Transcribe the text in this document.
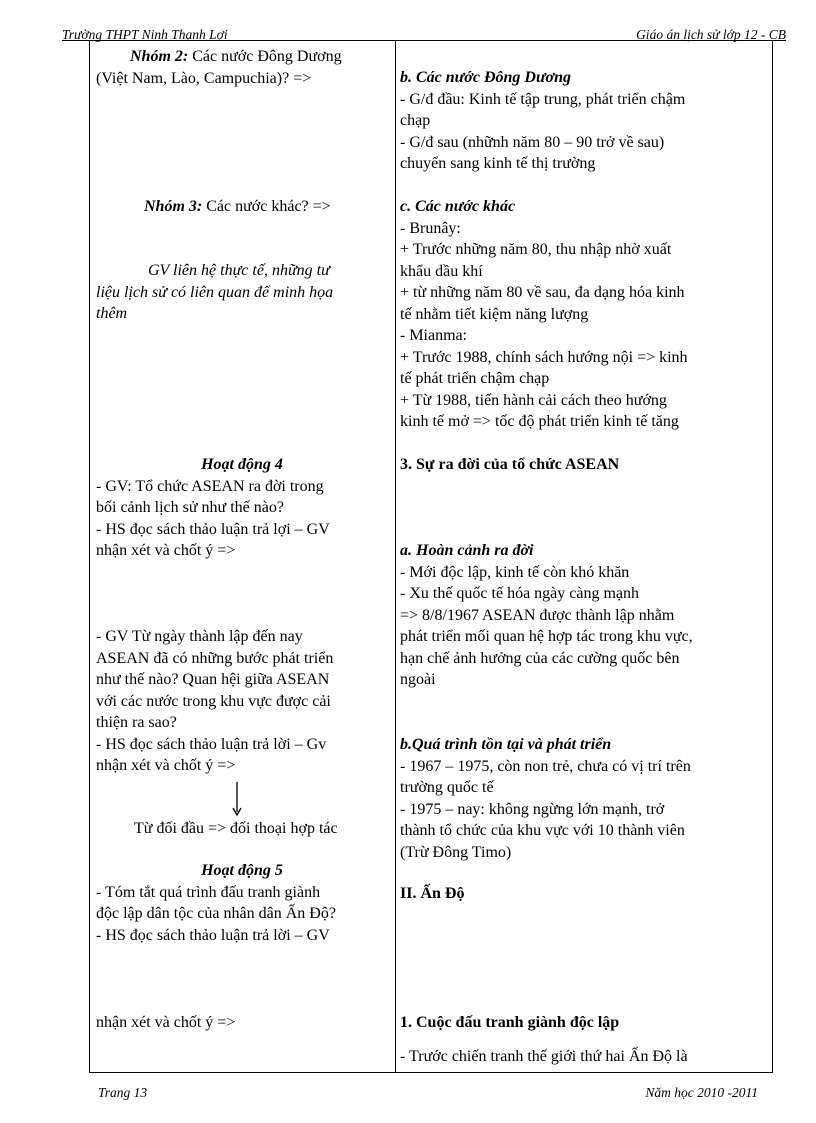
Trường THPT Ninh Thạnh Lợi	Giáo án lịch sử lớp 12 - CB
Nhóm 2: Các nước Đông Dương
(Việt Nam, Lào, Campuchia)? =>
Nhóm 3: Các nước khác? =>
GV liên hệ thực tế, những tư
liệu lịch sử có liên quan để minh họa
thêm
Hoạt động 4
- GV: Tổ chức ASEAN ra đời trong
bối cảnh lịch sử như thế nào?
- HS đọc sách thảo luận trả lợi – GV
nhận xét và chốt ý =>
- GV Từ ngày thành lập đến nay
ASEAN đã có những bước phát triển
như thế nào? Quan hệi giữa ASEAN
với các nước trong khu vực được cải
thiện ra sao?
- HS đọc sách thảo luận trả lời – Gv
nhận xét và chốt ý =>
Từ đối đầu => đối thoại hợp tác
Hoạt động 5
- Tóm tắt quá trình đấu tranh giành
độc lập dân tộc của nhân dân Ấn Độ?
- HS đọc sách thảo luận trả lời – GV
nhận xét và chốt ý =>
b. Các nước Đông Dương
- G/đ đầu: Kinh tế tập trung, phát triển chậm
chạp
- G/đ sau (nhữnh năm 80 – 90 trở về sau)
chuyển sang kinh tế thị trường
c. Các nước khác
- Brunây:
+ Trước những năm 80, thu nhập nhờ xuất
khẩu dầu khí
+ từ những năm 80 về sau, đa dạng hóa kinh
tế nhằm tiết kiệm năng lượng
- Mianma:
+ Trước 1988, chính sách hướng nội => kinh
tế phát triển chậm chạp
+ Từ 1988, tiến hành cải cách theo hướng
kinh tế mở => tốc độ phát triển kinh tế tăng
3. Sự ra đời của tổ chức ASEAN
a. Hoàn cảnh ra đời
- Mới độc lập, kinh tế còn khó khăn
- Xu thế quốc tế hóa ngày càng mạnh
=> 8/8/1967 ASEAN được thành lập nhằm
phát triển mối quan hệ hợp tác trong khu vực,
hạn chế ảnh hưởng của các cường quốc bên
ngoài
b.Quá trình tồn tại và phát triển
- 1967 – 1975, còn non trẻ, chưa có vị trí trên
trường quốc tế
- 1975 – nay: không ngừng lớn mạnh, trở
thành tổ chức của khu vực với 10 thành viên
(Trừ Đông Timo)
II. Ấn Độ
1. Cuộc đấu tranh giành độc lập
- Trước chiến tranh thế giới thứ hai Ấn Độ là
Trang 13	Năm học 2010 -2011
